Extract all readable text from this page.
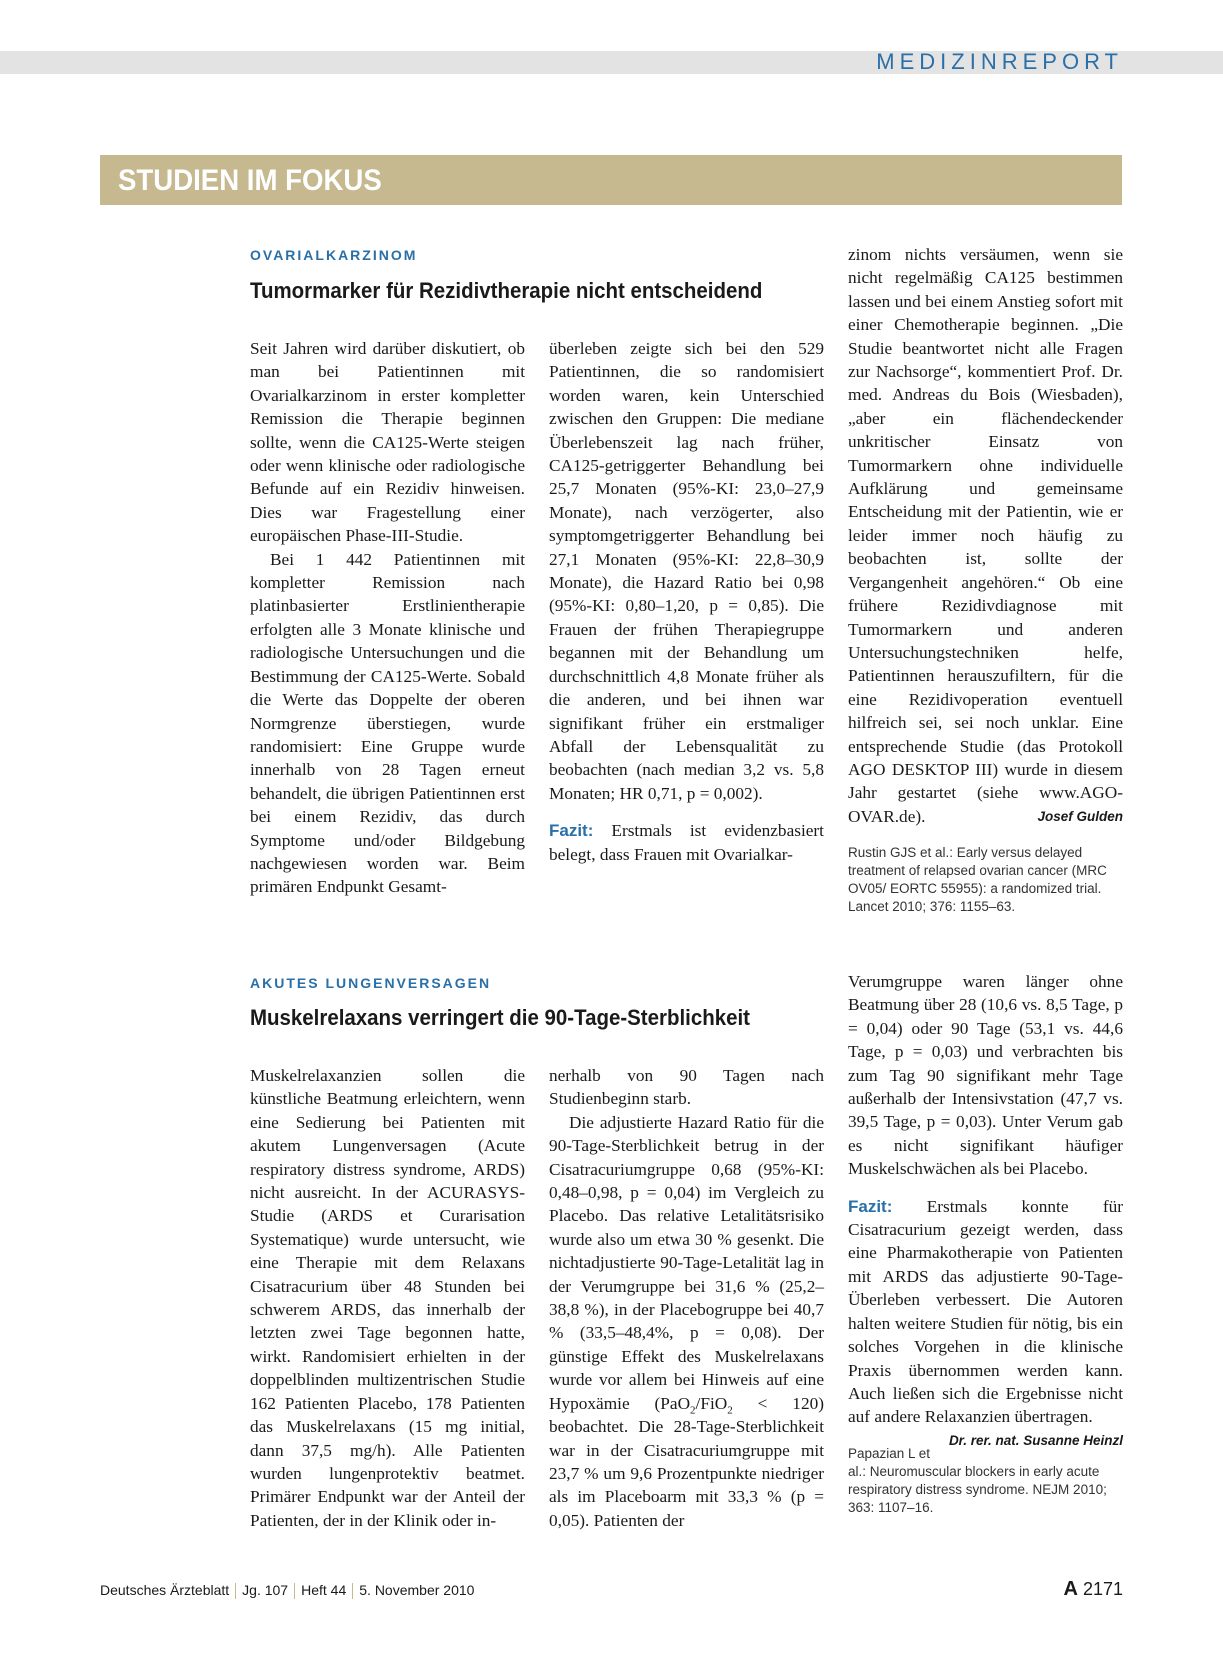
MEDIZINREPORT
STUDIEN IM FOKUS
OVARIALKARZINOM
Tumormarker für Rezidivtherapie nicht entscheidend

Seit Jahren wird darüber diskutiert, ob man bei Patientinnen mit Ovarialkarzinom in erster kompletter Remission die Therapie beginnen sollte, wenn die CA125-Werte steigen oder wenn klinische oder radiologische Befunde auf ein Rezidiv hinweisen. Dies war Fragestellung einer europäischen Phase-III-Studie.

Bei 1 442 Patientinnen mit kompletter Remission nach platinbasierter Erstlinientherapie erfolgten alle 3 Monate klinische und radiologische Untersuchungen und die Bestimmung der CA125-Werte. Sobald die Werte das Doppelte der oberen Normgrenze überstiegen, wurde randomisiert: Eine Gruppe wurde innerhalb von 28 Tagen erneut behandelt, die übrigen Patientinnen erst bei einem Rezidiv, das durch Symptome und/oder Bildgebung nachgewiesen worden war. Beim primären Endpunkt Gesamt-

überleben zeigte sich bei den 529 Patientinnen, die so randomisiert worden waren, kein Unterschied zwischen den Gruppen: Die mediane Überlebenszeit lag nach früher, CA125-getriggerter Behandlung bei 25,7 Monaten (95%-KI: 23,0–27,9 Monate), nach verzögerter, also symptomgetriggerter Behandlung bei 27,1 Monaten (95%-KI: 22,8–30,9 Monate), die Hazard Ratio bei 0,98 (95%-KI: 0,80–1,20, p = 0,85). Die Frauen der frühen Therapiegruppe begannen mit der Behandlung um durchschnittlich 4,8 Monate früher als die anderen, und bei ihnen war signifikant früher ein erstmaliger Abfall der Lebensqualität zu beobachten (nach median 3,2 vs. 5,8 Monaten; HR 0,71, p = 0,002).

Fazit: Erstmals ist evidenzbasiert belegt, dass Frauen mit Ovarialkar-

zinom nichts versäumen, wenn sie nicht regelmäßig CA125 bestimmen lassen und bei einem Anstieg sofort mit einer Chemotherapie beginnen. „Die Studie beantwortet nicht alle Fragen zur Nachsorge“, kommentiert Prof. Dr. med. Andreas du Bois (Wiesbaden), „aber ein flächendeckender unkritischer Einsatz von Tumormarkern ohne individuelle Aufklärung und gemeinsame Entscheidung mit der Patientin, wie er leider immer noch häufig zu beobachten ist, sollte der Vergangenheit angehören.“ Ob eine frühere Rezidivdiagnose mit Tumormarkern und anderen Untersuchungstechniken helfe, Patientinnen herauszufiltern, für die eine Rezidivoperation eventuell hilfreich sei, sei noch unklar. Eine entsprechende Studie (das Protokoll AGO DESKTOP III) wurde in diesem Jahr gestartet (siehe www.AGO-OVAR.de).	Josef Gulden

Rustin GJS et al.: Early versus delayed treatment of relapsed ovarian cancer (MRC OV05/ EORTC 55955): a randomized trial. Lancet 2010; 376: 1155–63.

AKUTES LUNGENVERSAGEN
Muskelrelaxans verringert die 90-Tage-Sterblichkeit

Muskelrelaxanzien sollen die künstliche Beatmung erleichtern, wenn eine Sedierung bei Patienten mit akutem Lungenversagen (Acute respiratory distress syndrome, ARDS) nicht ausreicht. In der ACURASYS-Studie (ARDS et Curarisation Systematique) wurde untersucht, wie eine Therapie mit dem Relaxans Cisatracurium über 48 Stunden bei schwerem ARDS, das innerhalb der letzten zwei Tage begonnen hatte, wirkt. Randomisiert erhielten in der doppelblinden multizentrischen Studie 162 Patienten Placebo, 178 Patienten das Muskelrelaxans (15 mg initial, dann 37,5 mg/h). Alle Patienten wurden lungenprotektiv beatmet. Primärer Endpunkt war der Anteil der Patienten, der in der Klinik oder in-

nerhalb von 90 Tagen nach Studienbeginn starb.

Die adjustierte Hazard Ratio für die 90-Tage-Sterblichkeit betrug in der Cisatracuriumgruppe 0,68 (95%-KI: 0,48–0,98, p = 0,04) im Vergleich zu Placebo. Das relative Letalitätsrisiko wurde also um etwa 30 % gesenkt. Die nichtadjustierte 90-Tage-Letalität lag in der Verumgruppe bei 31,6 % (25,2–38,8 %), in der Placebogruppe bei 40,7 % (33,5–48,4%, p = 0,08). Der günstige Effekt des Muskelrelaxans wurde vor allem bei Hinweis auf eine Hypoxämie (PaO$_2$/FiO$_2$ < 120) beobachtet. Die 28-Tage-Sterblichkeit war in der Cisatracuriumgruppe mit 23,7 % um 9,6 Prozentpunkte niedriger als im Placeboarm mit 33,3 % (p = 0,05). Patienten der

Verumgruppe waren länger ohne Beatmung über 28 (10,6 vs. 8,5 Tage, p = 0,04) oder 90 Tage (53,1 vs. 44,6 Tage, p = 0,03) und verbrachten bis zum Tag 90 signifikant mehr Tage außerhalb der Intensivstation (47,7 vs. 39,5 Tage, p = 0,03). Unter Verum gab es nicht signifikant häufiger Muskelschwächen als bei Placebo.

Fazit: Erstmals konnte für Cisatracurium gezeigt werden, dass eine Pharmakotherapie von Patienten mit ARDS das adjustierte 90-Tage-Überleben verbessert. Die Autoren halten weitere Studien für nötig, bis ein solches Vorgehen in die klinische Praxis übernommen werden kann. Auch ließen sich die Ergebnisse nicht auf andere Relaxanzien übertragen.
Dr. rer. nat. Susanne Heinzl

Papazian L et al.: Neuromuscular blockers in early acute respiratory distress syndrome. NEJM 2010; 363: 1107–16.

Deutsches Ärzteblatt Jg. 107 Heft 44 5. November 2010	A 2171
